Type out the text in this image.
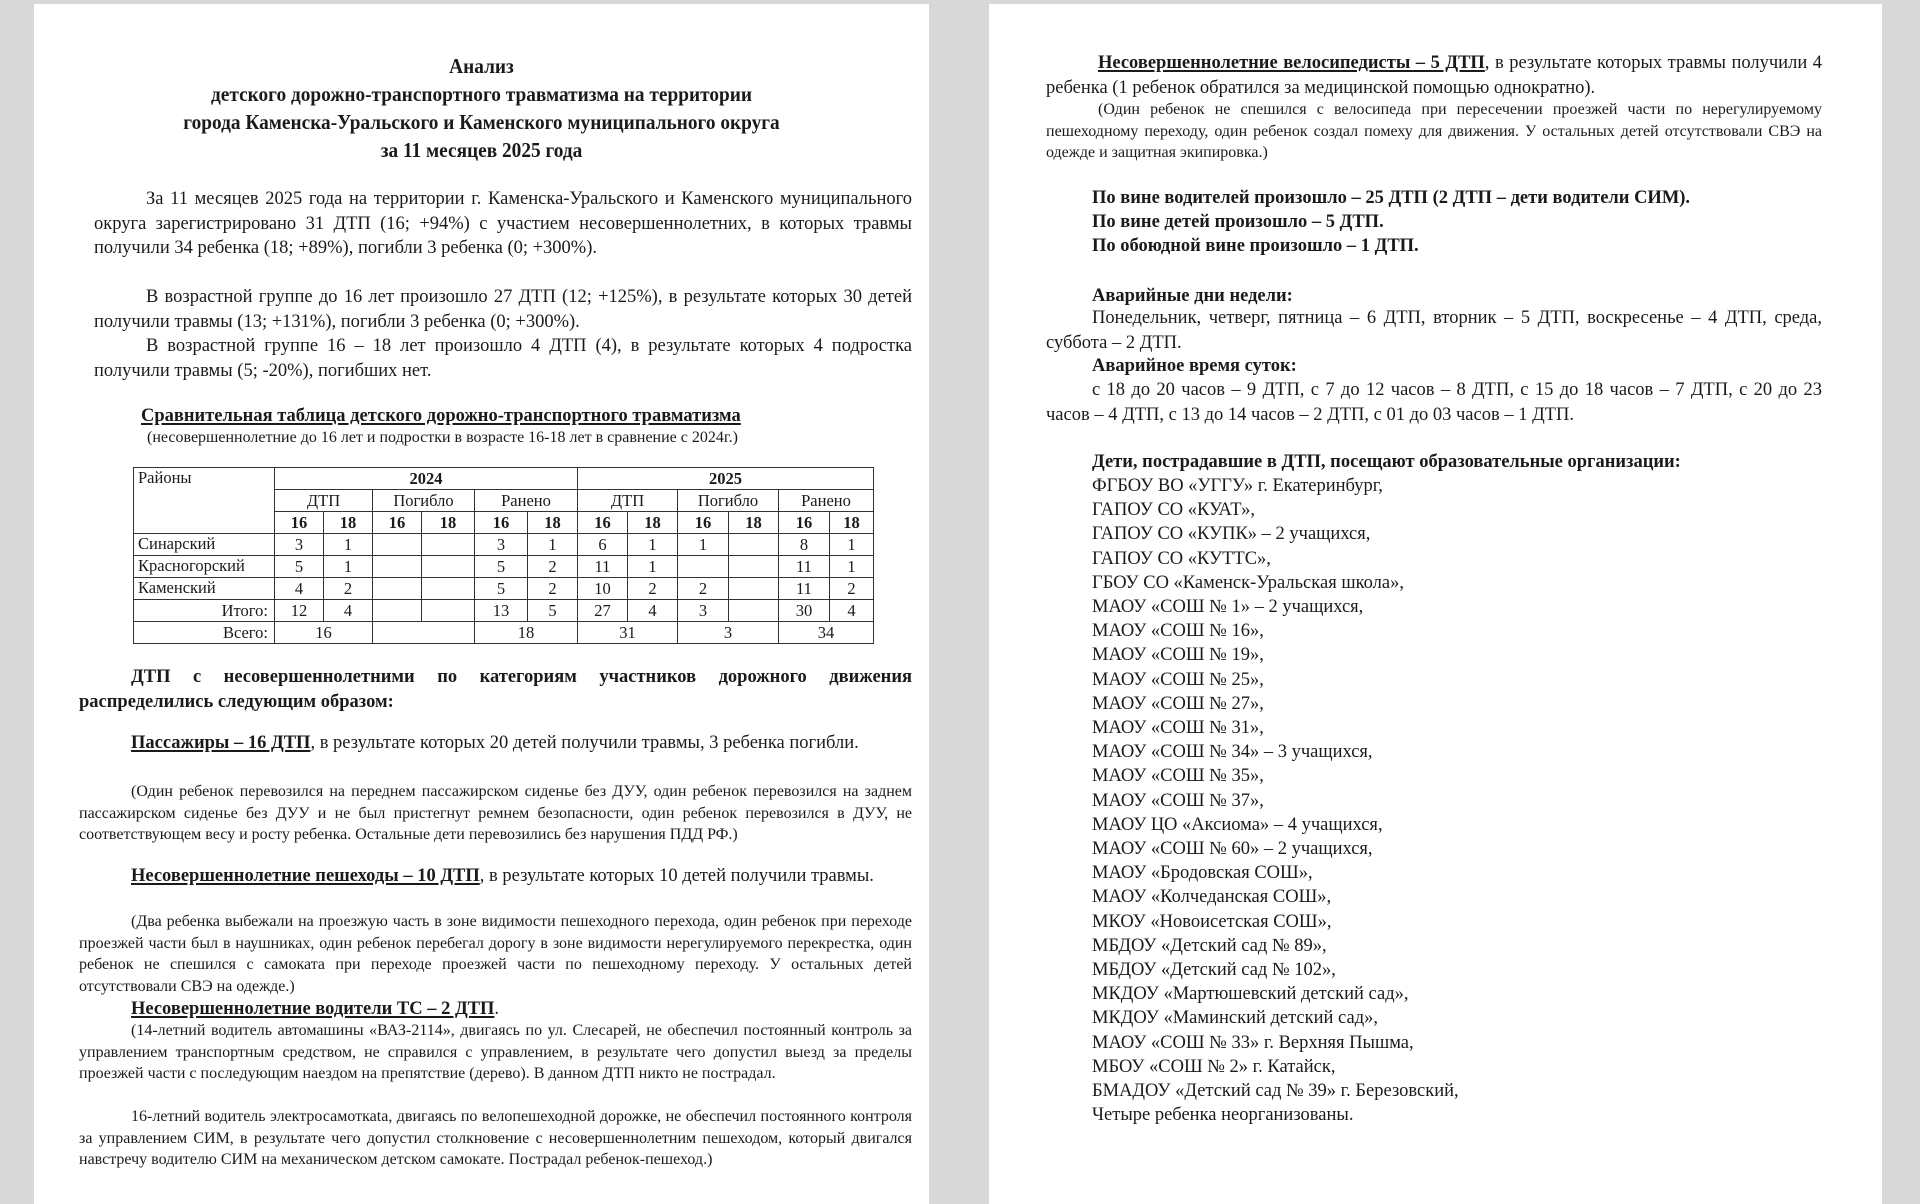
Анализ
детского дорожно-транспортного травматизма на территории
города Каменска-Уральского и Каменского муниципального округа
за 11 месяцев 2025 года
За 11 месяцев 2025 года на территории г. Каменска-Уральского и Каменского муниципального округа зарегистрировано 31 ДТП (16; +94%) с участием несовершеннолетних, в которых травмы получили 34 ребенка (18; +89%), погибли 3 ребенка (0; +300%).
В возрастной группе до 16 лет произошло 27 ДТП (12; +125%), в результате которых 30 детей получили травмы (13; +131%), погибли 3 ребенка (0; +300%).
В возрастной группе 16 – 18 лет произошло 4 ДТП (4), в результате которых 4 подростка получили травмы (5; -20%), погибших нет.
Сравнительная таблица детского дорожно-транспортного травматизма
(несовершеннолетние до 16 лет и подростки в возрасте 16-18 лет в сравнение с 2024г.)
Районы	2024						2025					
	ДТП		Погибло		Ранено		ДТП		Погибло		Ранено	
	16	18	16	18	16	18	16	18	16	18	16	18
Синарский	3	1			3	1	6	1	1		8	1
Красногорский	5	1			5	2	11	1			11	1
Каменский	4	2			5	2	10	2	2		11	2
Итого:	12	4			13	5	27	4	3		30	4
Всего:	16				18		31		3		34	
ДТП с несовершеннолетними по категориям участников дорожного движения распределились следующим образом:
Пассажиры – 16 ДТП, в результате которых 20 детей получили травмы, 3 ребенка погибли.
(Один ребенок перевозился на переднем пассажирском сиденье без ДУУ, один ребенок перевозился на заднем пассажирском сиденье без ДУУ и не был пристегнут ремнем безопасности, один ребенок перевозился в ДУУ, не соответствующем весу и росту ребенка. Остальные дети перевозились без нарушения ПДД РФ.)
Несовершеннолетние пешеходы – 10 ДТП, в результате которых 10 детей получили травмы.
(Два ребенка выбежали на проезжую часть в зоне видимости пешеходного перехода, один ребенок при переходе проезжей части был в наушниках, один ребенок перебегал дорогу в зоне видимости нерегулируемого перекрестка, один ребенок не спешился с самоката при переходе проезжей части по пешеходному переходу. У остальных детей отсутствовали СВЭ на одежде.)
Несовершеннолетние водители ТС – 2 ДТП.
(14-летний водитель автомашины «ВАЗ-2114», двигаясь по ул. Слесарей, не обеспечил постоянный контроль за управлением транспортным средством, не справился с управлением, в результате чего допустил выезд за пределы проезжей части с последующим наездом на препятствие (дерево). В данном ДТП никто не пострадал.
16-летний водитель электросамоткаta, двигаясь по велопешеходной дорожке, не обеспечил постоянного контроля за управлением СИМ, в результате чего допустил столкновение с несовершеннолетним пешеходом, который двигался навстречу водителю СИМ на механическом детском самокате. Пострадал ребенок-пешеход.)
Несовершеннолетние велосипедисты – 5 ДТП, в результате которых травмы получили 4 ребенка (1 ребенок обратился за медицинской помощью однократно).
(Один ребенок не спешился с велосипеда при пересечении проезжей части по нерегулируемому пешеходному переходу, один ребенок создал помеху для движения. У остальных детей отсутствовали СВЭ на одежде и защитная экипировка.)
По вине водителей произошло – 25 ДТП (2 ДТП – дети водители СИМ).
По вине детей произошло – 5 ДТП.
По обоюдной вине произошло – 1 ДТП.
Аварийные дни недели:
Понедельник, четверг, пятница – 6 ДТП, вторник – 5 ДТП, воскресенье – 4 ДТП, среда, суббота – 2 ДТП.
Аварийное время суток:
с 18 до 20 часов – 9 ДТП, с 7 до 12 часов – 8 ДТП, с 15 до 18 часов – 7 ДТП, с 20 до 23 часов – 4 ДТП, с 13 до 14 часов – 2 ДТП, с 01 до 03 часов – 1 ДТП.
Дети, пострадавшие в ДТП, посещают образовательные организации:
ФГБОУ ВО «УГГУ» г. Екатеринбург,
ГАПОУ СО «КУАТ»,
ГАПОУ СО «КУПК» – 2 учащихся,
ГАПОУ СО «КУТТС»,
ГБОУ СО «Каменск-Уральская школа»,
МАОУ «СОШ № 1» – 2 учащихся,
МАОУ «СОШ № 16»,
МАОУ «СОШ № 19»,
МАОУ «СОШ № 25»,
МАОУ «СОШ № 27»,
МАОУ «СОШ № 31»,
МАОУ «СОШ № 34» – 3 учащихся,
МАОУ «СОШ № 35»,
МАОУ «СОШ № 37»,
МАОУ ЦО «Аксиома» – 4 учащихся,
МАОУ «СОШ № 60» – 2 учащихся,
МАОУ «Бродовская СОШ»,
МАОУ «Колчеданская СОШ»,
МКОУ «Новоисетская СОШ»,
МБДОУ «Детский сад № 89»,
МБДОУ «Детский сад № 102»,
МКДОУ «Мартюшевский детский сад»,
МКДОУ «Маминский детский сад»,
МАОУ «СОШ № 33» г. Верхняя Пышма,
МБОУ «СОШ № 2» г. Катайск,
БМАДОУ «Детский сад № 39» г. Березовский,
Четыре ребенка неорганизованы.
